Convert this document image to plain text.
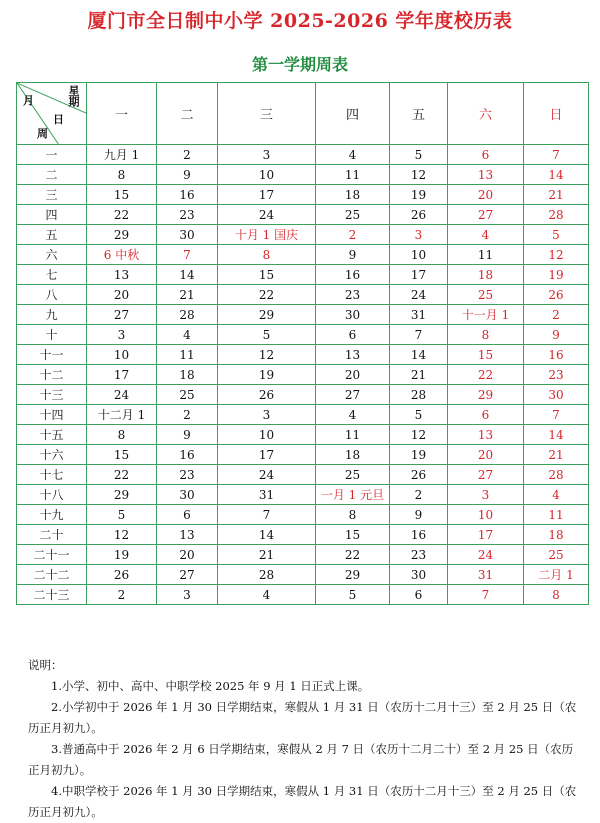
厦门市全日制中小学 2025-2026 学年度校历表
第一学期周表
月 星期
日
周	一	二	三	四	五	六	日
一	九月 1	2	3	4	5	6	7
二	8	9	10	11	12	13	14
三	15	16	17	18	19	20	21
四	22	23	24	25	26	27	28
五	29	30	十月 1 国庆	2	3	4	5
六	6 中秋	7	8	9	10	11	12
七	13	14	15	16	17	18	19
八	20	21	22	23	24	25	26
九	27	28	29	30	31	十一月 1	2
十	3	4	5	6	7	8	9
十一	10	11	12	13	14	15	16
十二	17	18	19	20	21	22	23
十三	24	25	26	27	28	29	30
十四	十二月 1	2	3	4	5	6	7
十五	8	9	10	11	12	13	14
十六	15	16	17	18	19	20	21
十七	22	23	24	25	26	27	28
十八	29	30	31	一月 1 元旦	2	3	4
十九	5	6	7	8	9	10	11
二十	12	13	14	15	16	17	18
二十一	19	20	21	22	23	24	25
二十二	26	27	28	29	30	31	二月 1
二十三	2	3	4	5	6	7	8

说明：

1.小学、初中、高中、中职学校 2025 年 9 月 1 日正式上课。

2.小学初中于 2026 年 1 月 30 日学期结束，寒假从 1 月 31 日（农历十二月十三）至 2 月 25 日（农历正月初九）。

3.普通高中于 2026 年 2 月 6 日学期结束，寒假从 2 月 7 日（农历十二月二十）至 2 月 25 日（农历正月初九）。

4.中职学校于 2026 年 1 月 30 日学期结束，寒假从 1 月 31 日（农历十二月十三）至 2 月 25 日（农历正月初九）。
